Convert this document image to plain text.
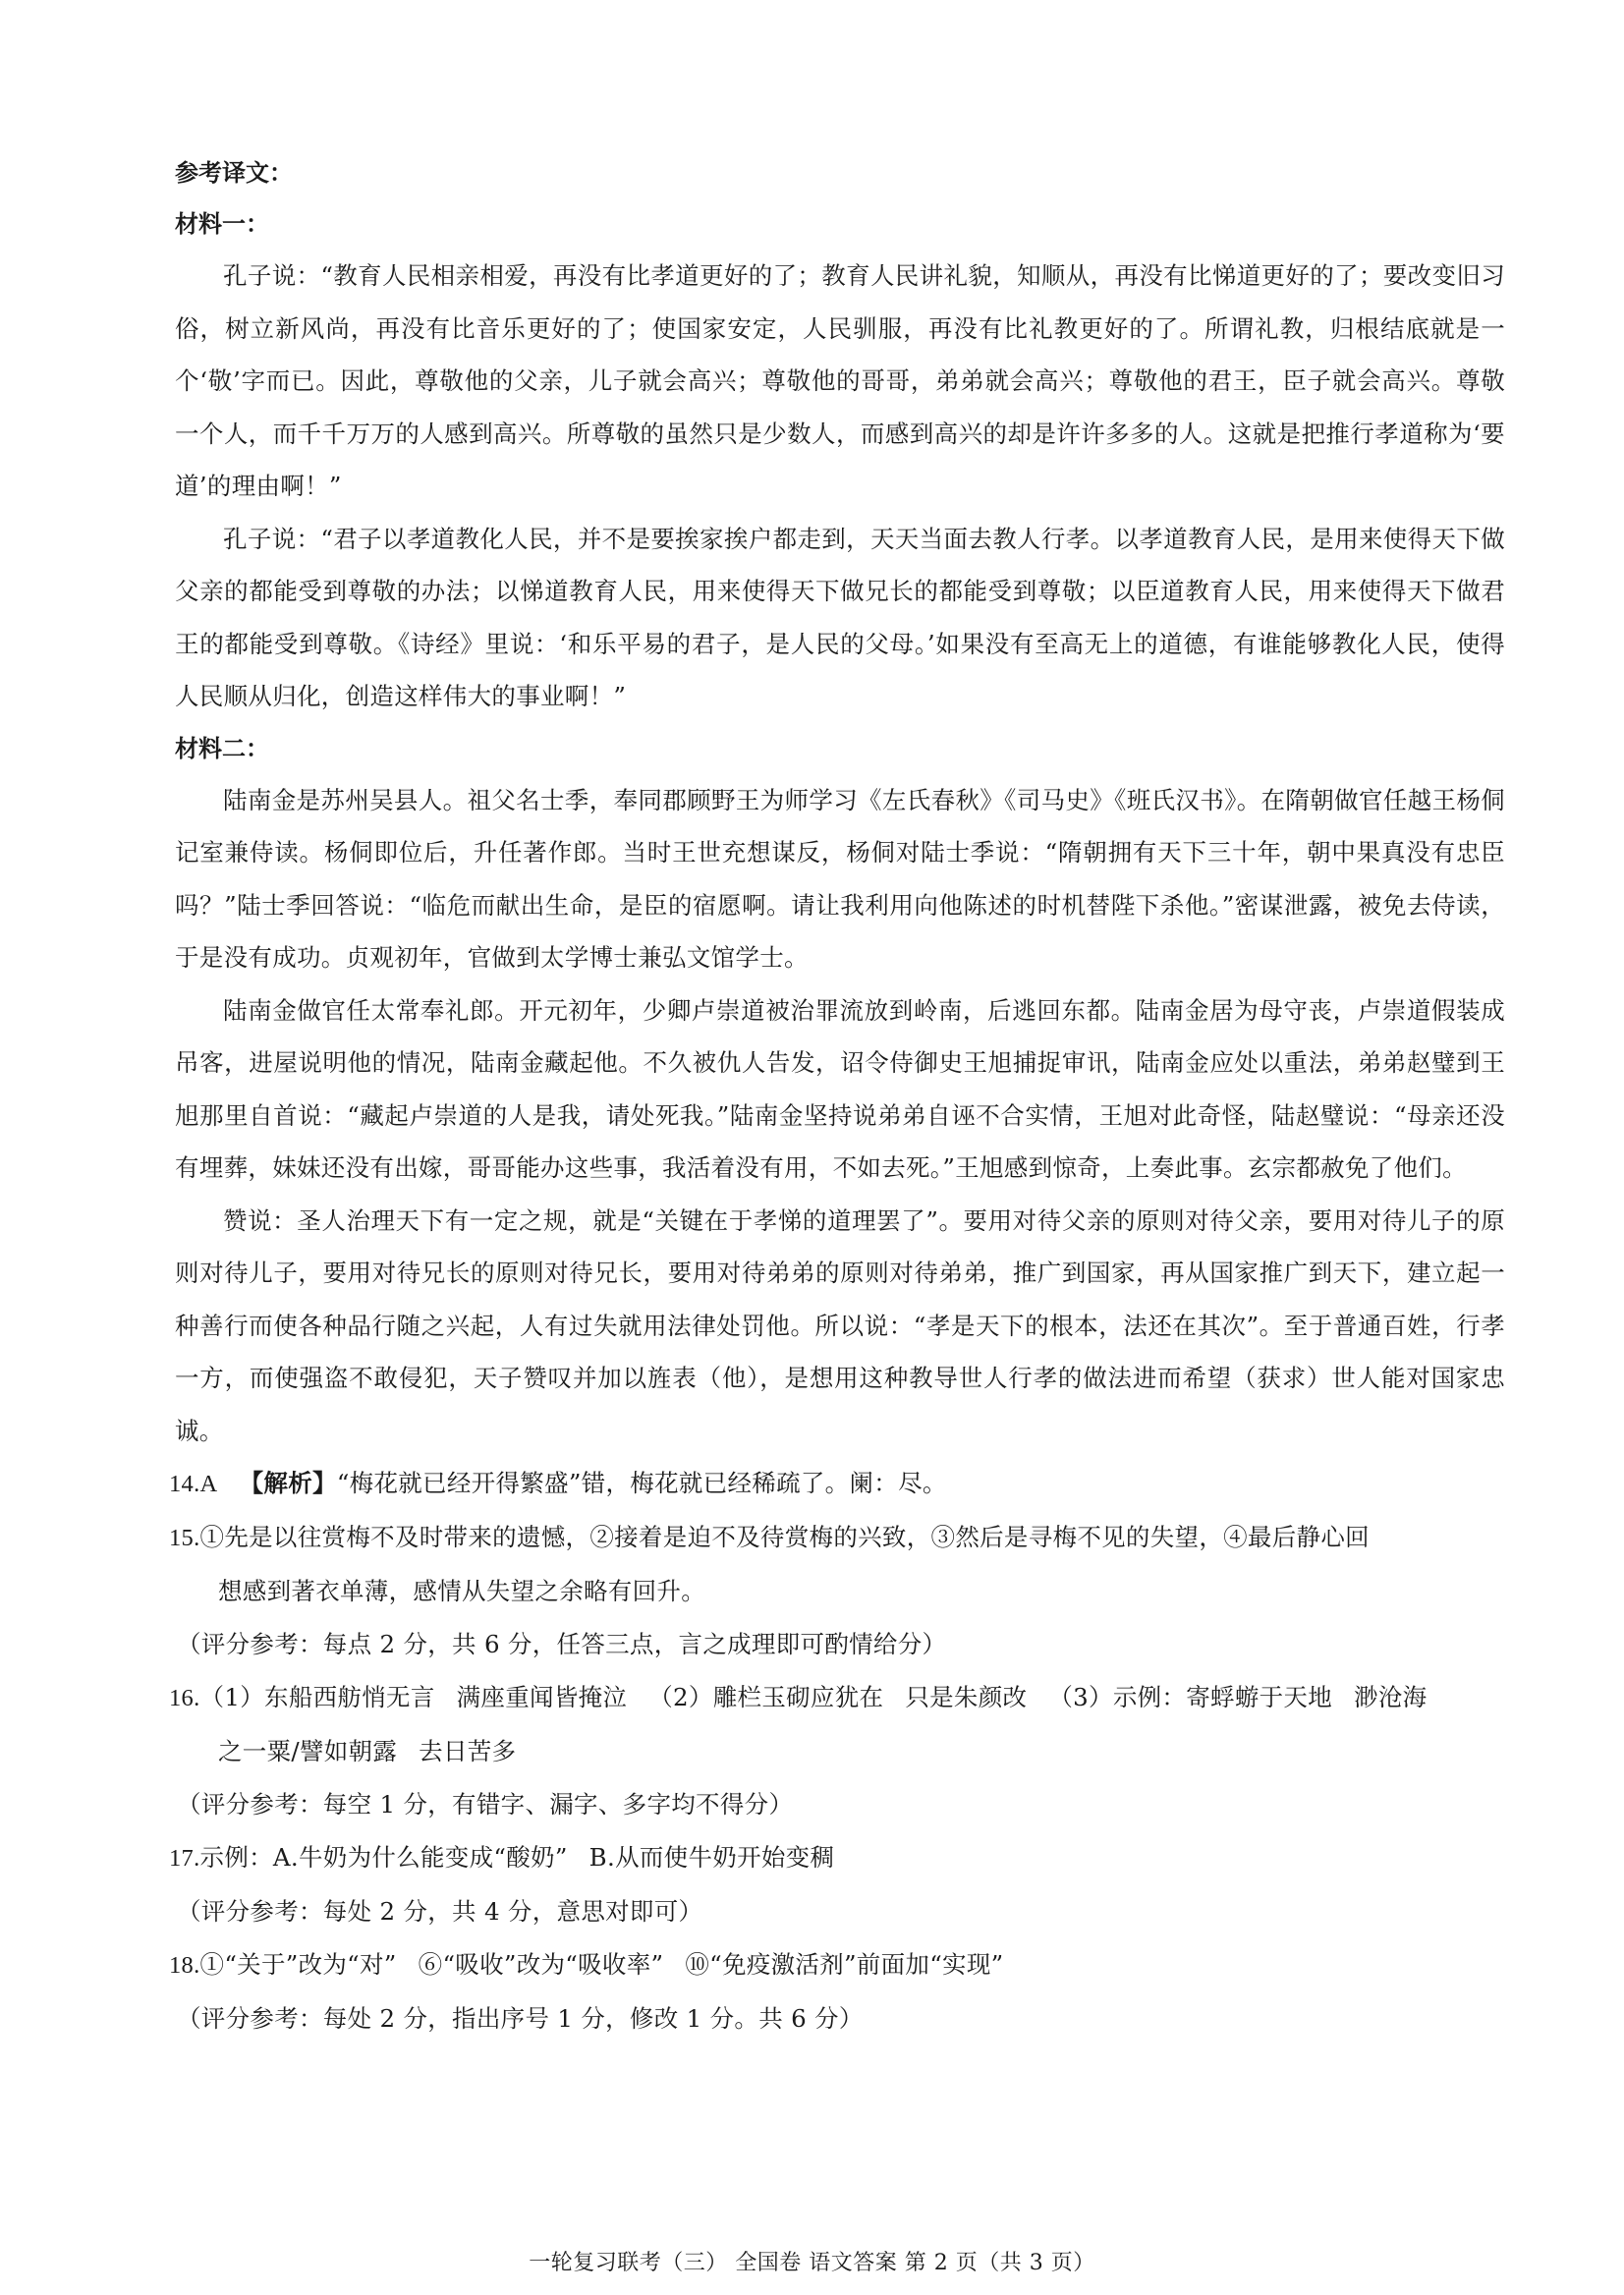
参考译文：
材料一：
孔子说：“教育人民相亲相爱，再没有比孝道更好的了；教育人民讲礼貌，知顺从，再没有比悌道更好的了；要改变旧习俗，树立新风尚，再没有比音乐更好的了；使国家安定，人民驯服，再没有比礼教更好的了。所谓礼教，归根结底就是一个‘敬’字而已。因此，尊敬他的父亲，儿子就会高兴；尊敬他的哥哥，弟弟就会高兴；尊敬他的君王，臣子就会高兴。尊敬一个人，而千千万万的人感到高兴。所尊敬的虽然只是少数人，而感到高兴的却是许许多多的人。这就是把推行孝道称为‘要道’的理由啊！”
孔子说：“君子以孝道教化人民，并不是要挨家挨户都走到，天天当面去教人行孝。以孝道教育人民，是用来使得天下做父亲的都能受到尊敬的办法；以悌道教育人民，用来使得天下做兄长的都能受到尊敬；以臣道教育人民，用来使得天下做君王的都能受到尊敬。《诗经》里说：‘和乐平易的君子，是人民的父母。’如果没有至高无上的道德，有谁能够教化人民，使得人民顺从归化，创造这样伟大的事业啊！”
材料二：
陆南金是苏州吴县人。祖父名士季，奉同郡顾野王为师学习《左氏春秋》《司马史》《班氏汉书》。在隋朝做官任越王杨侗记室兼侍读。杨侗即位后，升任著作郎。当时王世充想谋反，杨侗对陆士季说：“隋朝拥有天下三十年，朝中果真没有忠臣吗？”陆士季回答说：“临危而献出生命，是臣的宿愿啊。请让我利用向他陈述的时机替陛下杀他。”密谋泄露，被免去侍读，于是没有成功。贞观初年，官做到太学博士兼弘文馆学士。
陆南金做官任太常奉礼郎。开元初年，少卿卢崇道被治罪流放到岭南，后逃回东都。陆南金居为母守丧，卢崇道假装成吊客，进屋说明他的情况，陆南金藏起他。不久被仇人告发，诏令侍御史王旭捕捉审讯，陆南金应处以重法，弟弟赵璧到王旭那里自首说：“藏起卢崇道的人是我，请处死我。”陆南金坚持说弟弟自诬不合实情，王旭对此奇怪，陆赵璧说：“母亲还没有埋葬，妹妹还没有出嫁，哥哥能办这些事，我活着没有用，不如去死。”王旭感到惊奇，上奏此事。玄宗都赦免了他们。
赞说：圣人治理天下有一定之规，就是“关键在于孝悌的道理罢了”。要用对待父亲的原则对待父亲，要用对待儿子的原则对待儿子，要用对待兄长的原则对待兄长，要用对待弟弟的原则对待弟弟，推广到国家，再从国家推广到天下，建立起一种善行而使各种品行随之兴起，人有过失就用法律处罚他。所以说：“孝是天下的根本，法还在其次”。至于普通百姓，行孝一方，而使强盗不敢侵犯，天子赞叹并加以旌表（他），是想用这种教导世人行孝的做法进而希望（获求）世人能对国家忠诚。
14.A 【解析】“梅花就已经开得繁盛”错，梅花就已经稀疏了。阑：尽。
15.①先是以往赏梅不及时带来的遗憾，②接着是迫不及待赏梅的兴致，③然后是寻梅不见的失望，④最后静心回
想感到著衣单薄，感情从失望之余略有回升。
（评分参考：每点 2 分，共 6 分，任答三点，言之成理即可酌情给分）
16.（1）东船西舫悄无言 满座重闻皆掩泣 （2）雕栏玉砌应犹在 只是朱颜改 （3）示例：寄蜉蝣于天地 渺沧海
之一粟/譬如朝露 去日苦多
（评分参考：每空 1 分，有错字、漏字、多字均不得分）
17.示例：A.牛奶为什么能变成“酸奶” B.从而使牛奶开始变稠
（评分参考：每处 2 分，共 4 分，意思对即可）
18.①“关于”改为“对” ⑥“吸收”改为“吸收率” ⑩“免疫激活剂”前面加“实现”
（评分参考：每处 2 分，指出序号 1 分，修改 1 分。共 6 分）
一轮复习联考（三） 全国卷 语文答案 第 2 页（共 3 页）
